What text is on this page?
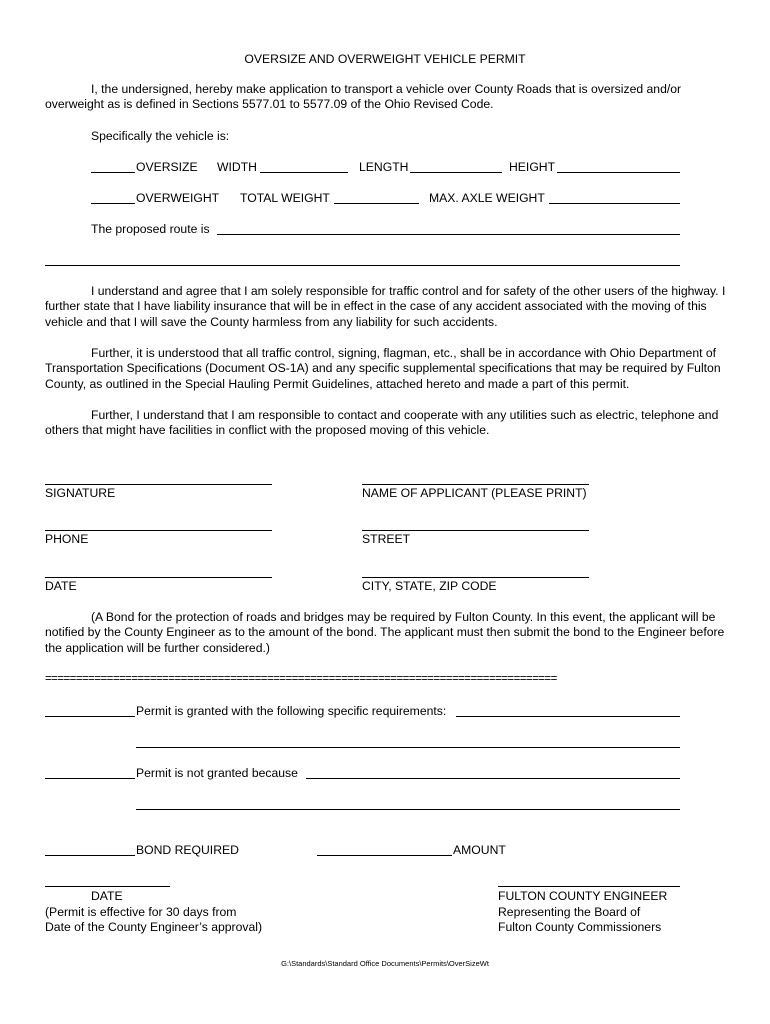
OVERSIZE AND OVERWEIGHT VEHICLE PERMIT
I, the undersigned, hereby make application to transport a vehicle over County Roads that is oversized and/or overweight as is defined in Sections 5577.01 to 5577.09 of the Ohio Revised Code.
Specifically the vehicle is:
OVERSIZE WIDTH	LENGTH	HEIGHT
OVERWEIGHT TOTAL WEIGHT	MAX. AXLE WEIGHT
The proposed route is
I understand and agree that I am solely responsible for traffic control and for safety of the other users of the highway. I further state that I have liability insurance that will be in effect in the case of any accident associated with the moving of this vehicle and that I will save the County harmless from any liability for such accidents.
Further, it is understood that all traffic control, signing, flagman, etc., shall be in accordance with Ohio Department of Transportation Specifications (Document OS-1A) and any specific supplemental specifications that may be required by Fulton County, as outlined in the Special Hauling Permit Guidelines, attached hereto and made a part of this permit.
Further, I understand that I am responsible to contact and cooperate with any utilities such as electric, telephone and others that might have facilities in conflict with the proposed moving of this vehicle.
SIGNATURE	NAME OF APPLICANT (PLEASE PRINT)
PHONE	STREET
DATE	CITY, STATE, ZIP CODE
(A Bond for the protection of roads and bridges may be required by Fulton County. In this event, the applicant will be notified by the County Engineer as to the amount of the bond. The applicant must then submit the bond to the Engineer before the application will be further considered.)
===================================================================================
Permit is granted with the following specific requirements:
Permit is not granted because
BOND REQUIRED	AMOUNT
DATE
(Permit is effective for 30 days from
Date of the County Engineer’s approval)
FULTON COUNTY ENGINEER
Representing the Board of
Fulton County Commissioners
G:\Standards\Standard Office Documents\Permits\OverSizeWt
